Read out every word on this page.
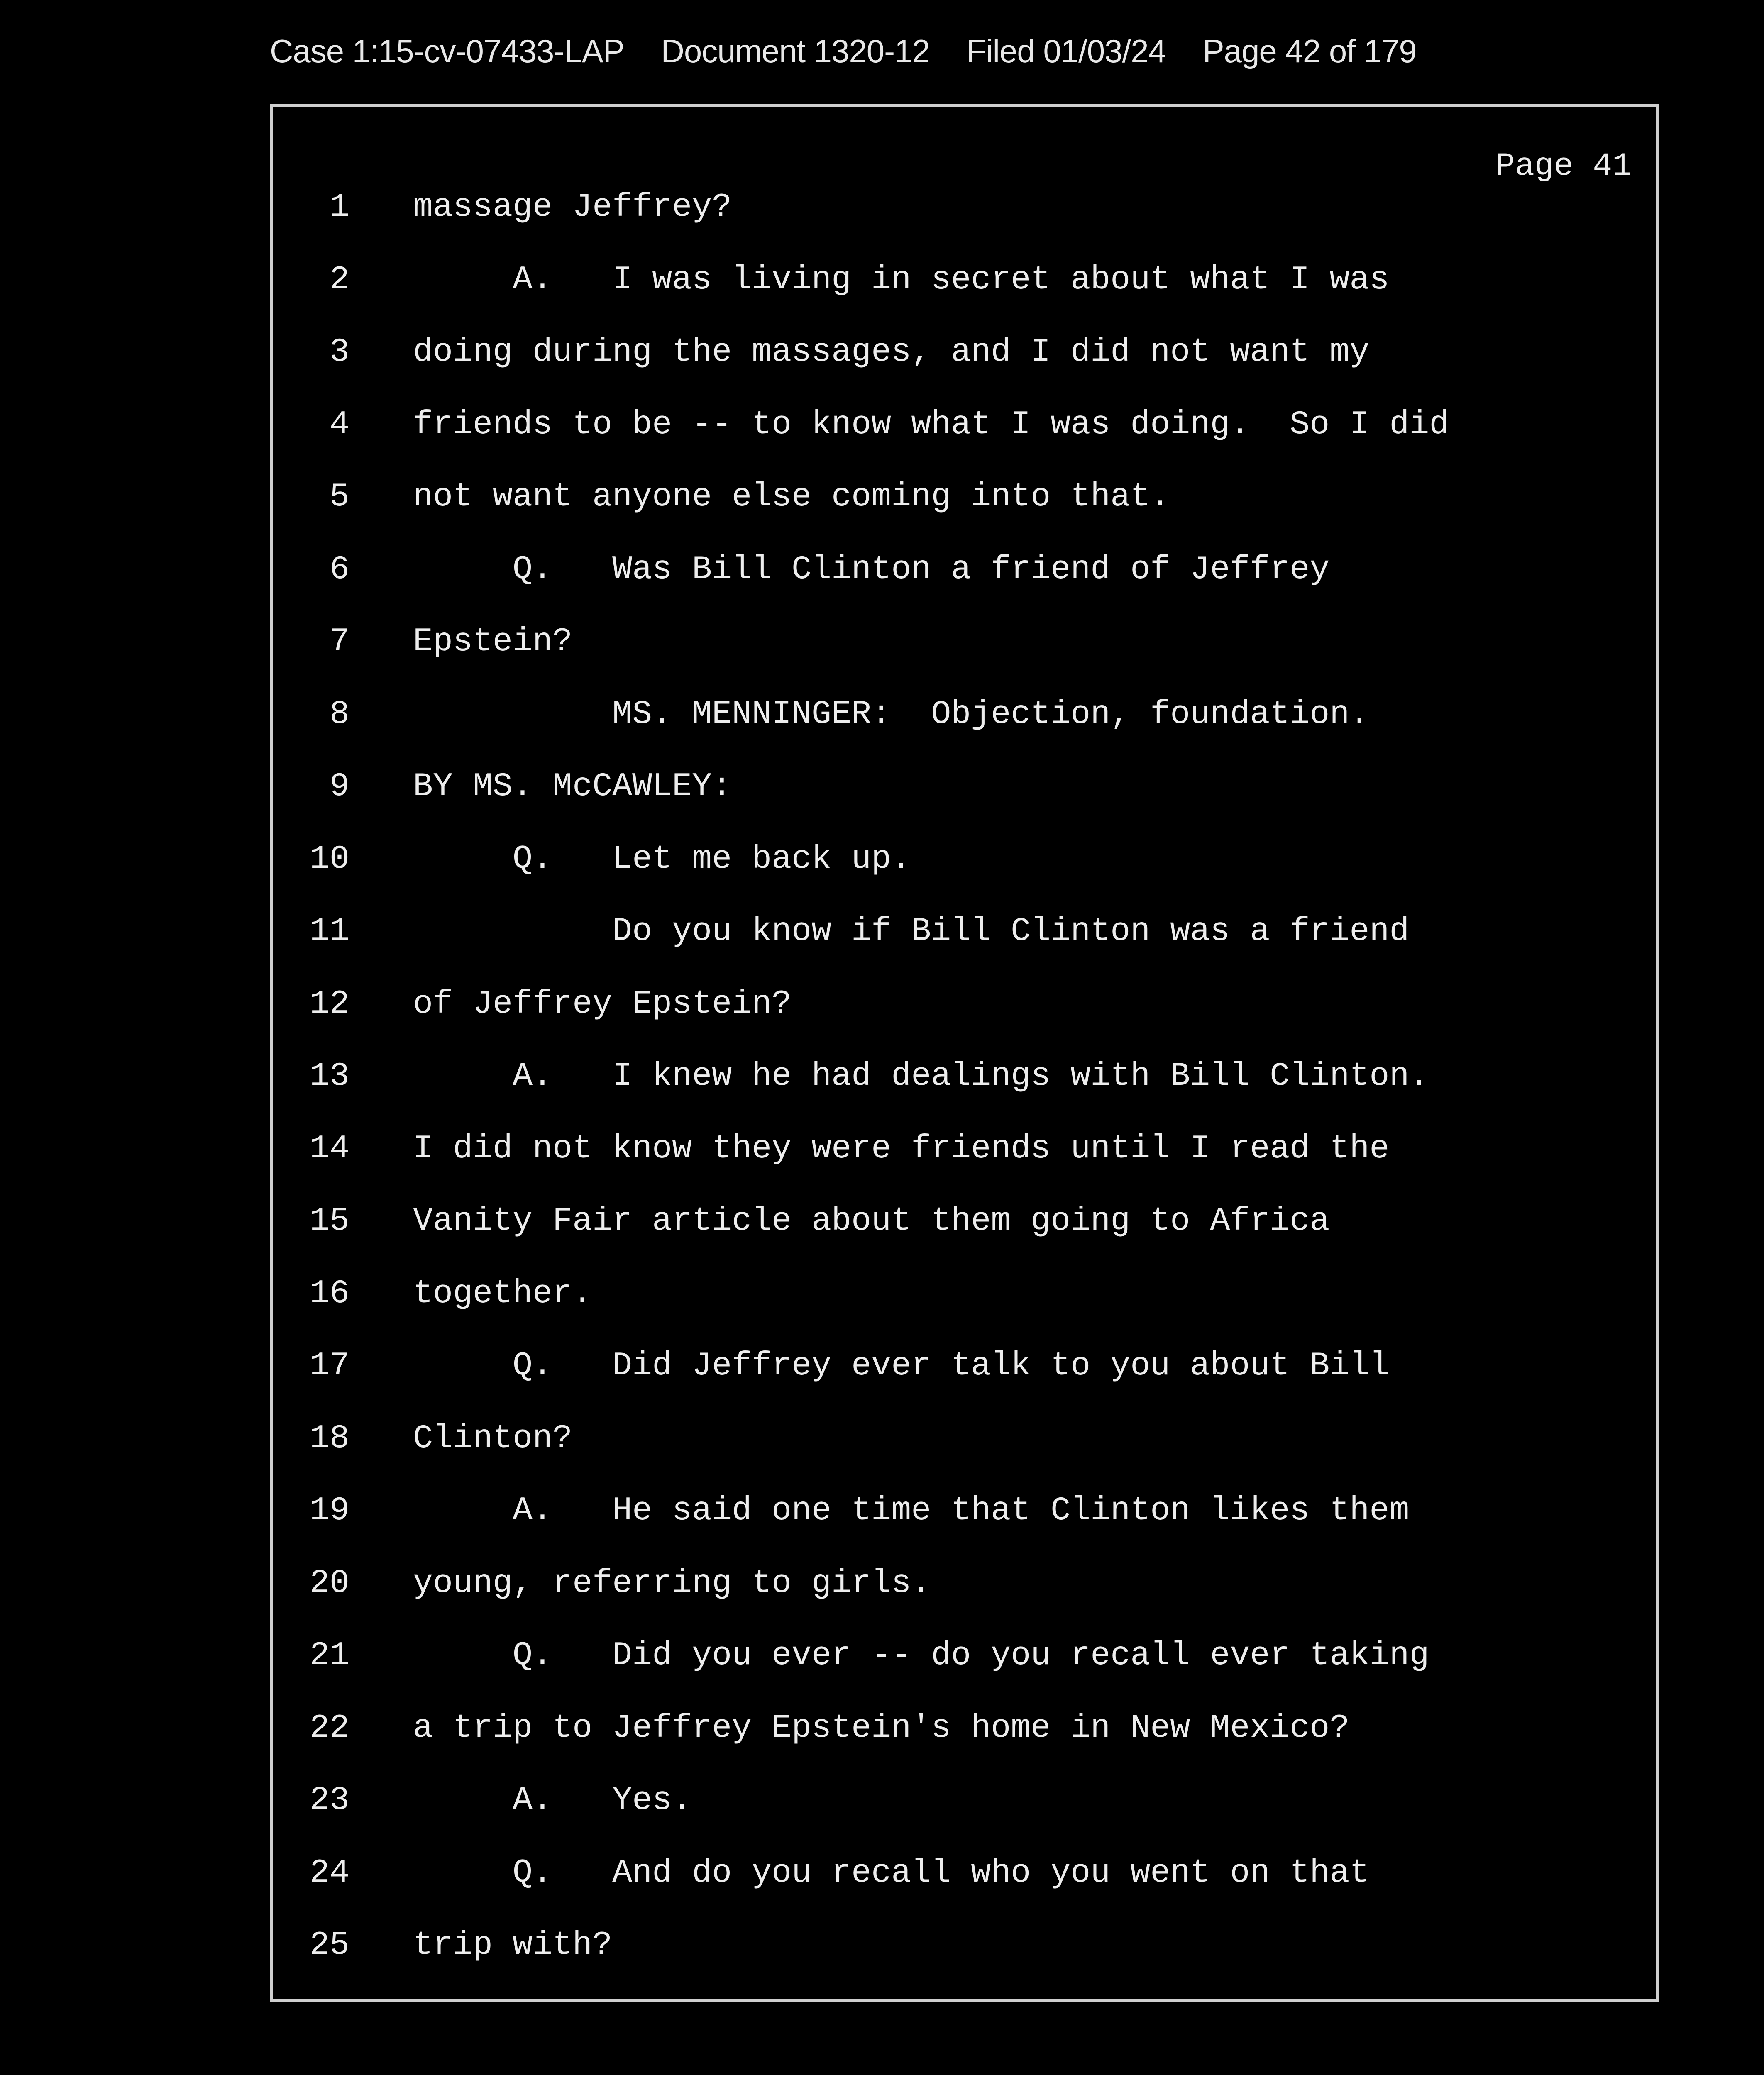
Case 1:15-cv-07433-LAP Document 1320-12 Filed 01/03/24 Page 42 of 179
Page 41
1 massage Jeffrey?
2 A.   I was living in secret about what I was
3 doing during the massages, and I did not want my
4 friends to be -- to know what I was doing.  So I did
5 not want anyone else coming into that.
6 Q.   Was Bill Clinton a friend of Jeffrey
7 Epstein?
8 MS. MENNINGER:  Objection, foundation.
9 BY MS. McCAWLEY:
10 Q.   Let me back up.
11 Do you know if Bill Clinton was a friend
12 of Jeffrey Epstein?
13 A.   I knew he had dealings with Bill Clinton.
14 I did not know they were friends until I read the
15 Vanity Fair article about them going to Africa
16 together.
17 Q.   Did Jeffrey ever talk to you about Bill
18 Clinton?
19 A.   He said one time that Clinton likes them
20 young, referring to girls.
21 Q.   Did you ever -- do you recall ever taking
22 a trip to Jeffrey Epstein's home in New Mexico?
23 A.   Yes.
24 Q.   And do you recall who you went on that
25 trip with?
